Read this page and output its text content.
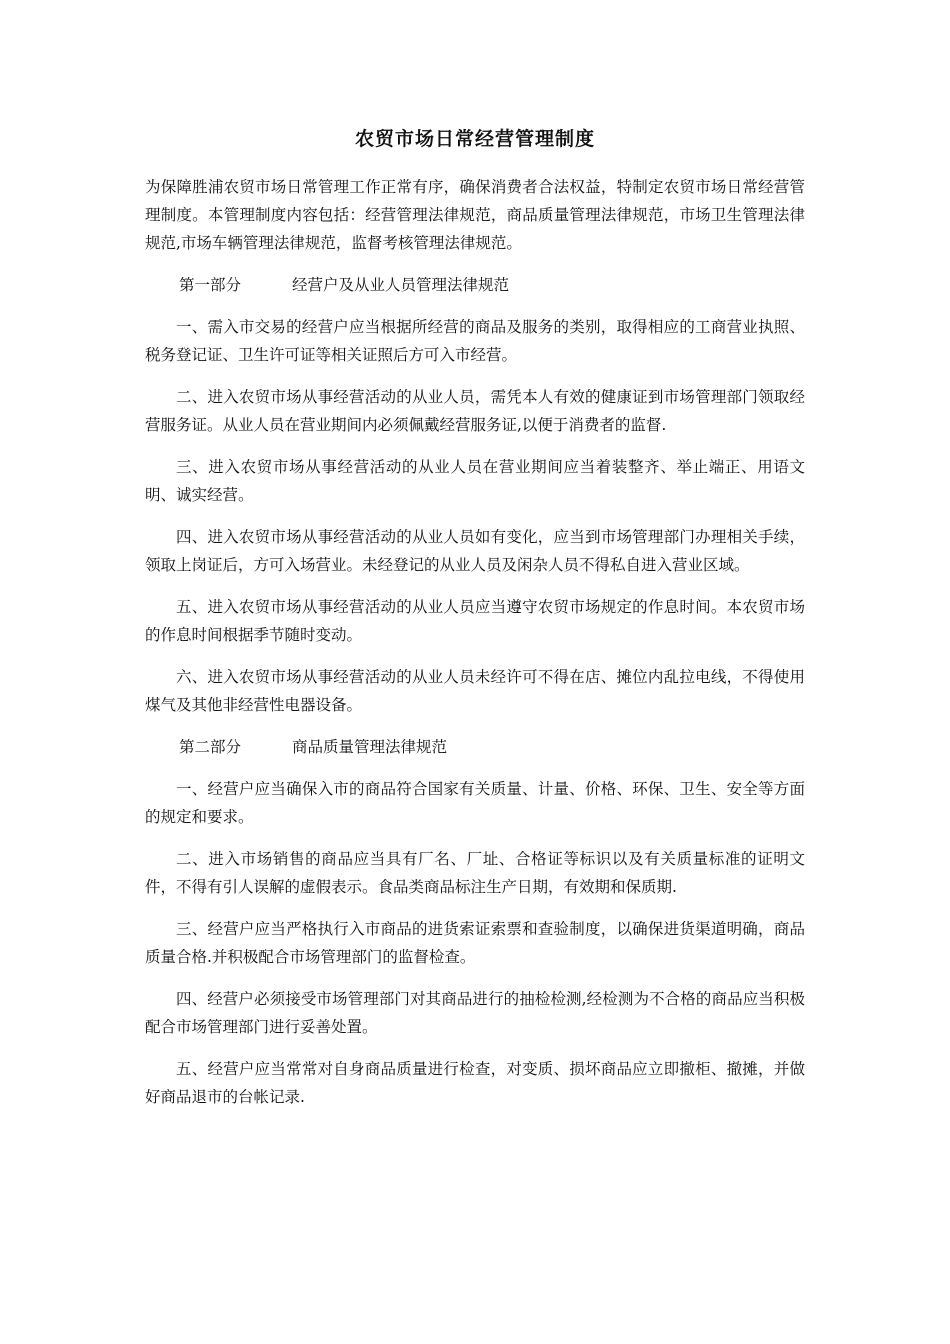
农贸市场日常经营管理制度

为保障胜浦农贸市场日常管理工作正常有序，确保消费者合法权益，特制定农贸市场日常经营管理制度。本管理制度内容包括：经营管理法律规范，商品质量管理法律规范，市场卫生管理法律规范,市场车辆管理法律规范，监督考核管理法律规范。

第一部分	经营户及从业人员管理法律规范

一、需入市交易的经营户应当根据所经营的商品及服务的类别，取得相应的工商营业执照、税务登记证、卫生许可证等相关证照后方可入市经营。

二、进入农贸市场从事经营活动的从业人员，需凭本人有效的健康证到市场管理部门领取经营服务证。从业人员在营业期间内必须佩戴经营服务证,以便于消费者的监督.

三、进入农贸市场从事经营活动的从业人员在营业期间应当着装整齐、举止端正、用语文明、诚实经营。

四、进入农贸市场从事经营活动的从业人员如有变化，应当到市场管理部门办理相关手续，领取上岗证后，方可入场营业。未经登记的从业人员及闲杂人员不得私自进入营业区域。

五、进入农贸市场从事经营活动的从业人员应当遵守农贸市场规定的作息时间。本农贸市场的作息时间根据季节随时变动。

六、进入农贸市场从事经营活动的从业人员未经许可不得在店、摊位内乱拉电线，不得使用煤气及其他非经营性电器设备。

第二部分	商品质量管理法律规范

一、经营户应当确保入市的商品符合国家有关质量、计量、价格、环保、卫生、安全等方面的规定和要求。

二、进入市场销售的商品应当具有厂名、厂址、合格证等标识以及有关质量标准的证明文件，不得有引人误解的虚假表示。食品类商品标注生产日期，有效期和保质期.

三、经营户应当严格执行入市商品的进货索证索票和查验制度，以确保进货渠道明确，商品质量合格.并积极配合市场管理部门的监督检查。

四、经营户必须接受市场管理部门对其商品进行的抽检检测,经检测为不合格的商品应当积极配合市场管理部门进行妥善处置。

五、经营户应当常常对自身商品质量进行检查，对变质、损坏商品应立即撤柜、撤摊，并做好商品退市的台帐记录.
